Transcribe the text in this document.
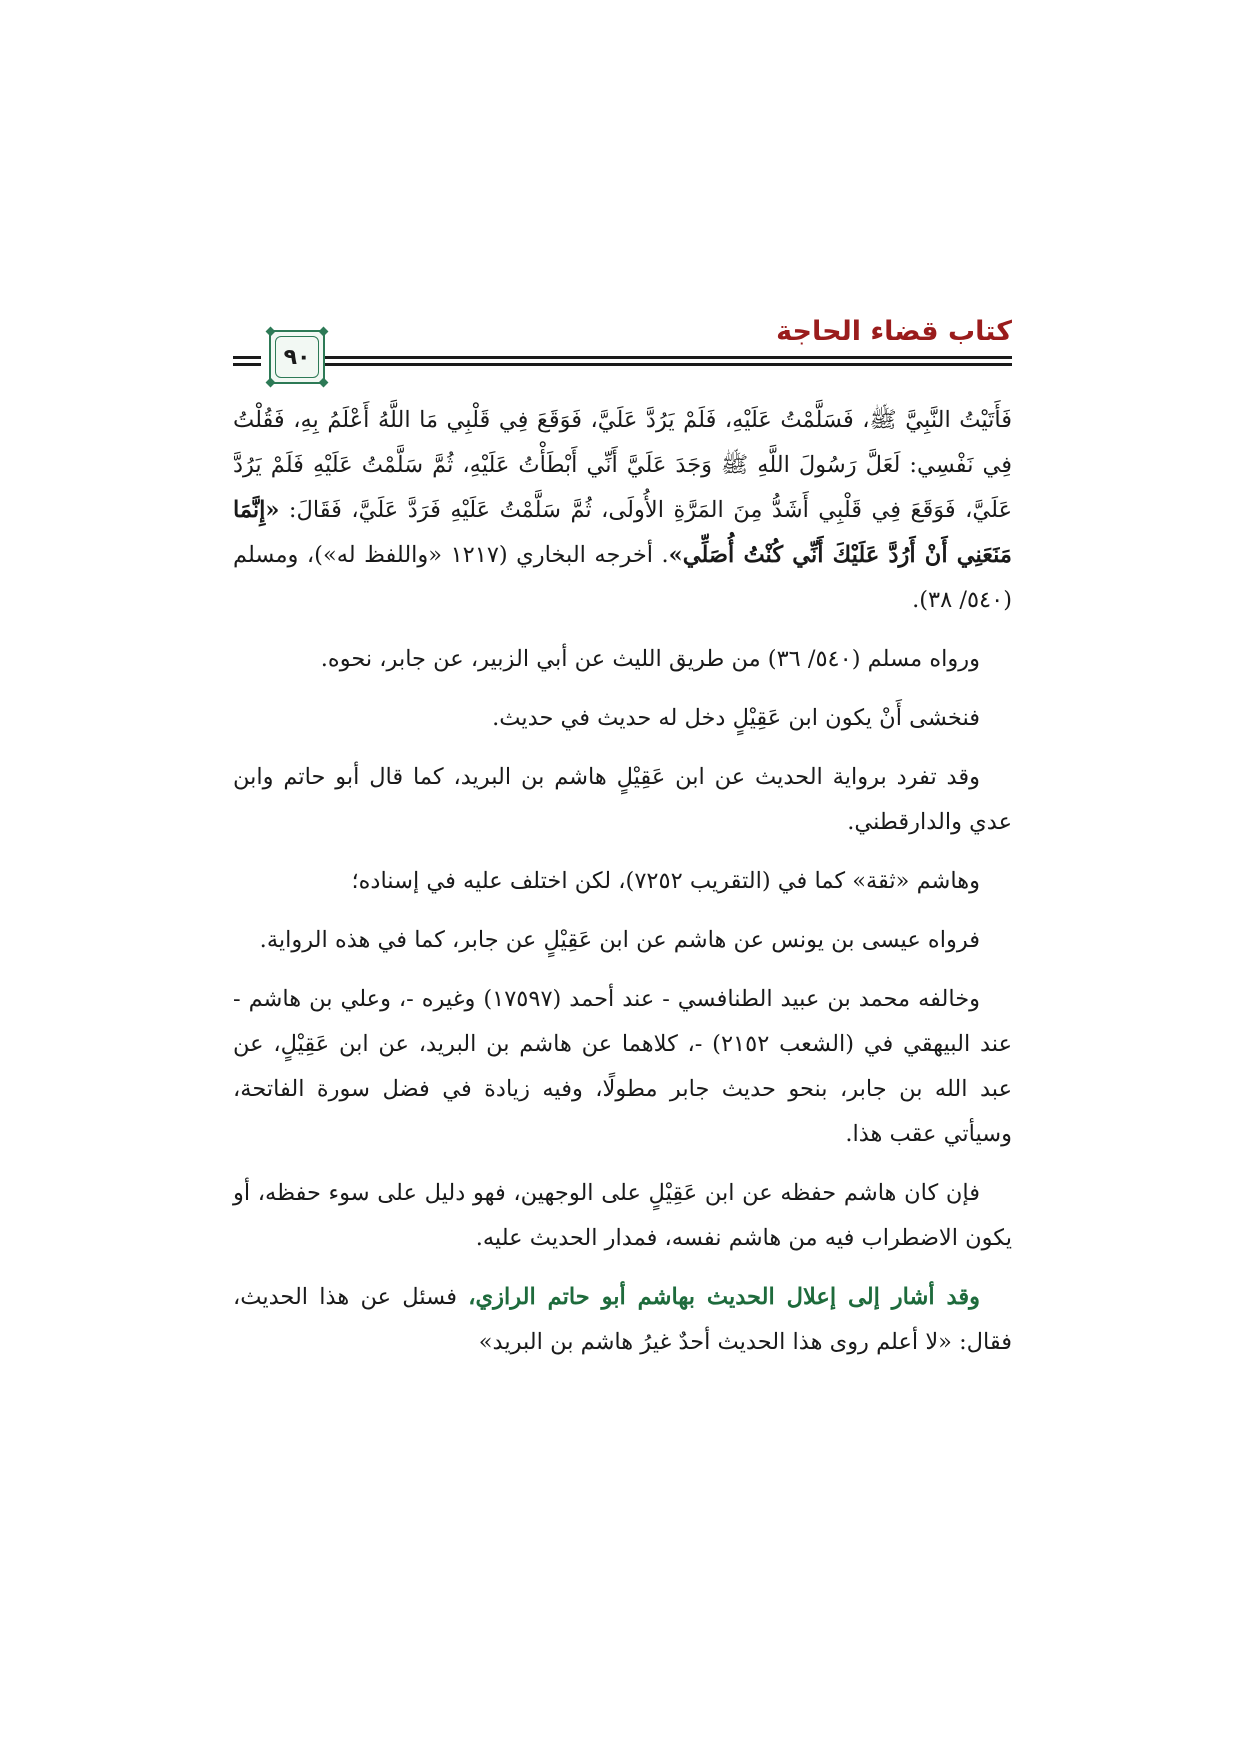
كتاب قضاء الحاجة
٩٠

فَأَتَيْتُ النَّبِيَّ ﷺ، فَسَلَّمْتُ عَلَيْهِ، فَلَمْ يَرُدَّ عَلَيَّ، فَوَقَعَ فِي قَلْبِي مَا اللَّهُ أَعْلَمُ بِهِ، فَقُلْتُ فِي نَفْسِي: لَعَلَّ رَسُولَ اللَّهِ ﷺ وَجَدَ عَلَيَّ أَنِّي أَبْطَأْتُ عَلَيْهِ، ثُمَّ سَلَّمْتُ عَلَيْهِ فَلَمْ يَرُدَّ عَلَيَّ، فَوَقَعَ فِي قَلْبِي أَشَدُّ مِنَ المَرَّةِ الأُولَى، ثُمَّ سَلَّمْتُ عَلَيْهِ فَرَدَّ عَلَيَّ، فَقَالَ: «إِنَّمَا مَنَعَنِي أَنْ أَرُدَّ عَلَيْكَ أَنِّي كُنْتُ أُصَلِّي». أخرجه البخاري (١٢١٧ «واللفظ له»)، ومسلم (٥٤٠/ ٣٨).

ورواه مسلم (٥٤٠/ ٣٦) من طريق الليث عن أبي الزبير، عن جابر، نحوه.

فنخشى أَنْ يكون ابن عَقِيْلٍ دخل له حديث في حديث.

وقد تفرد برواية الحديث عن ابن عَقِيْلٍ هاشم بن البريد، كما قال أبو حاتم وابن عدي والدارقطني.

وهاشم «ثقة» كما في (التقريب ٧٢٥٢)، لكن اختلف عليه في إسناده؛

فرواه عيسى بن يونس عن هاشم عن ابن عَقِيْلٍ عن جابر، كما في هذه الرواية.

وخالفه محمد بن عبيد الطنافسي - عند أحمد (١٧٥٩٧) وغيره -، وعلي بن هاشم - عند البيهقي في (الشعب ٢١٥٢) -، كلاهما عن هاشم بن البريد، عن ابن عَقِيْلٍ، عن عبد الله بن جابر، بنحو حديث جابر مطولًا، وفيه زيادة في فضل سورة الفاتحة، وسيأتي عقب هذا.

فإن كان هاشم حفظه عن ابن عَقِيْلٍ على الوجهين، فهو دليل على سوء حفظه، أو يكون الاضطراب فيه من هاشم نفسه، فمدار الحديث عليه.

وقد أشار إلى إعلال الحديث بهاشم أبو حاتم الرازي، فسئل عن هذا الحديث، فقال: «لا أعلم روى هذا الحديث أحدٌ غيرُ هاشم بن البريد»
